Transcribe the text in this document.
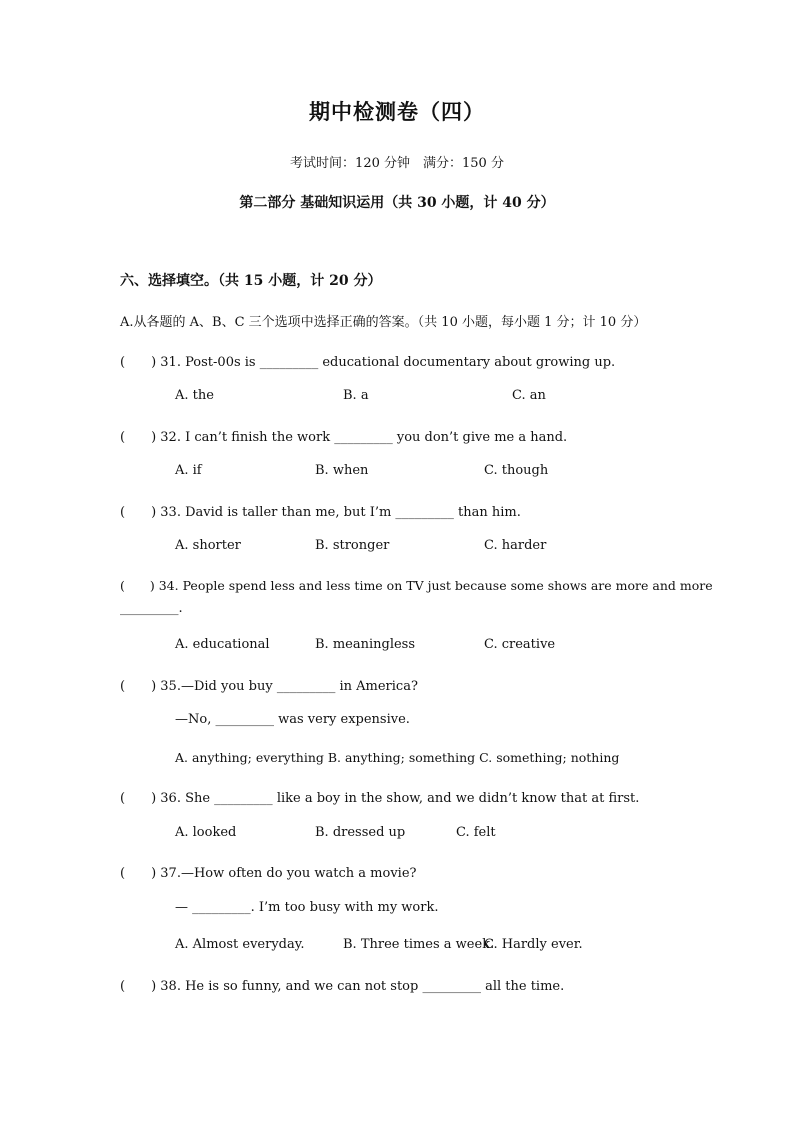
期中检测卷（四）
考试时间：120 分钟　满分：150 分
第二部分 基础知识运用（共 30 小题，计 40 分）
六、选择填空。（共 15 小题，计 20 分）
A.从各题的 A、B、C 三个选项中选择正确的答案。（共 10 小题，每小题 1 分；计 10 分）
(　　) 31. Post-00s is _________ educational documentary about growing up.
A. the	B. a	C. an
(　　) 32. I can’t finish the work _________ you don’t give me a hand.
A. if	B. when	C. though
(　　) 33. David is taller than me, but I’m _________ than him.
A. shorter	B. stronger	C. harder
(　　) 34. People spend less and less time on TV just because some shows are more and more
_________.
A. educational	B. meaningless	C. creative
(　　) 35.—Did you buy _________ in America?
—No, _________ was very expensive.
A. anything; everything B. anything; something C. something; nothing
(　　) 36. She _________ like a boy in the show, and we didn’t know that at first.
A. looked	B. dressed up	C. felt
(　　) 37.—How often do you watch a movie?
— _________. I’m too busy with my work.
A. Almost everyday.	B. Three times a week.
C. Hardly ever.
(　　) 38. He is so funny, and we can not stop _________ all the time.
